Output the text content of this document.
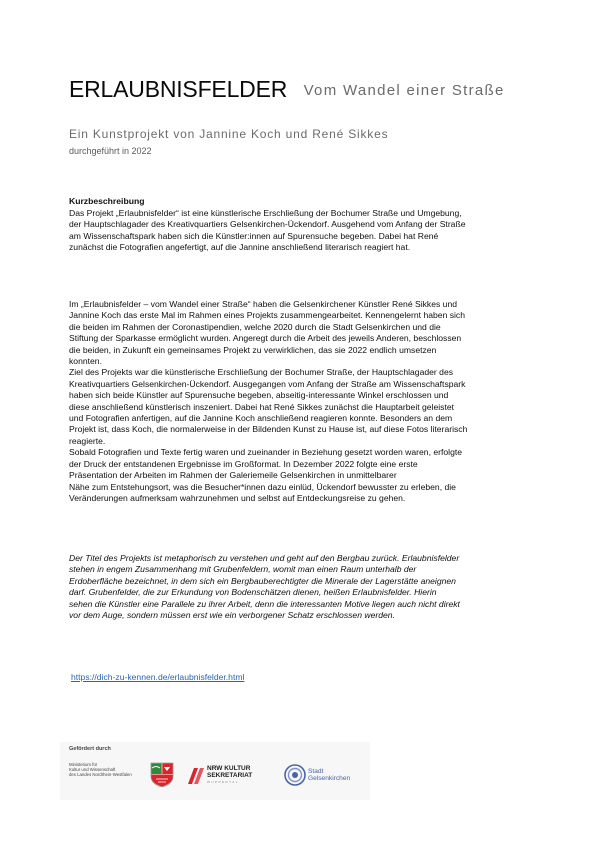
ERLAUBNISFELDER Vom Wandel einer Straße
Ein Kunstprojekt von Jannine Koch und René Sikkes
durchgeführt in 2022
Kurzbeschreibung
Das Projekt „Erlaubnisfelder“ ist eine künstlerische Erschließung der Bochumer Straße und Umgebung,
der Hauptschlagader des Kreativquartiers Gelsenkirchen-Ückendorf. Ausgehend vom Anfang der Straße
am Wissenschaftspark haben sich die Künstler:innen auf Spurensuche begeben. Dabei hat René
zunächst die Fotografien angefertigt, auf die Jannine anschließend literarisch reagiert hat.
Im „Erlaubnisfelder – vom Wandel einer Straße“ haben die Gelsenkirchener Künstler René Sikkes und
Jannine Koch das erste Mal im Rahmen eines Projekts zusammengearbeitet. Kennengelernt haben sich
die beiden im Rahmen der Coronastipendien, welche 2020 durch die Stadt Gelsenkirchen und die
Stiftung der Sparkasse ermöglicht wurden. Angeregt durch die Arbeit des jeweils Anderen, beschlossen
die beiden, in Zukunft ein gemeinsames Projekt zu verwirklichen, das sie 2022 endlich umsetzen
konnten.
Ziel des Projekts war die künstlerische Erschließung der Bochumer Straße, der Hauptschlagader des
Kreativquartiers Gelsenkirchen-Ückendorf. Ausgegangen vom Anfang der Straße am Wissenschaftspark
haben sich beide Künstler auf Spurensuche begeben, abseitig-interessante Winkel erschlossen und
diese anschließend künstlerisch inszeniert. Dabei hat René Sikkes zunächst die Hauptarbeit geleistet
und Fotografien anfertigen, auf die Jannine Koch anschließend reagieren konnte. Besonders an dem
Projekt ist, dass Koch, die normalerweise in der Bildenden Kunst zu Hause ist, auf diese Fotos literarisch
reagierte.
Sobald Fotografien und Texte fertig waren und zueinander in Beziehung gesetzt worden waren, erfolgte
der Druck der entstandenen Ergebnisse im Großformat. In Dezember 2022 folgte eine erste
Präsentation der Arbeiten im Rahmen der Galeriemeile Gelsenkirchen in unmittelbarer
Nähe zum Entstehungsort, was die Besucher*innen dazu einlüd, Ückendorf bewusster zu erleben, die
Veränderungen aufmerksam wahrzunehmen und selbst auf Entdeckungsreise zu gehen.
Der Titel des Projekts ist metaphorisch zu verstehen und geht auf den Bergbau zurück. Erlaubnisfelder
stehen in engem Zusammenhang mit Grubenfeldern, womit man einen Raum unterhalb der
Erdoberfläche bezeichnet, in dem sich ein Bergbauberechtigter die Minerale der Lagerstätte aneignen
darf. Grubenfelder, die zur Erkundung von Bodenschätzen dienen, heißen Erlaubnisfelder. Hierin
sehen die Künstler eine Parallele zu ihrer Arbeit, denn die interessanten Motive liegen auch nicht direkt
vor dem Auge, sondern müssen erst wie ein verborgener Schatz erschlossen werden.
https://dich-zu-kennen.de/erlaubnisfelder.html
Gefördert durch
Ministerium für
Kultur und Wissenschaft
des Landes Nordrhein-Westfalen
NRW KULTUR
SEKRETARIAT
WUPPERTAL
Stadt
Gelsenkirchen
